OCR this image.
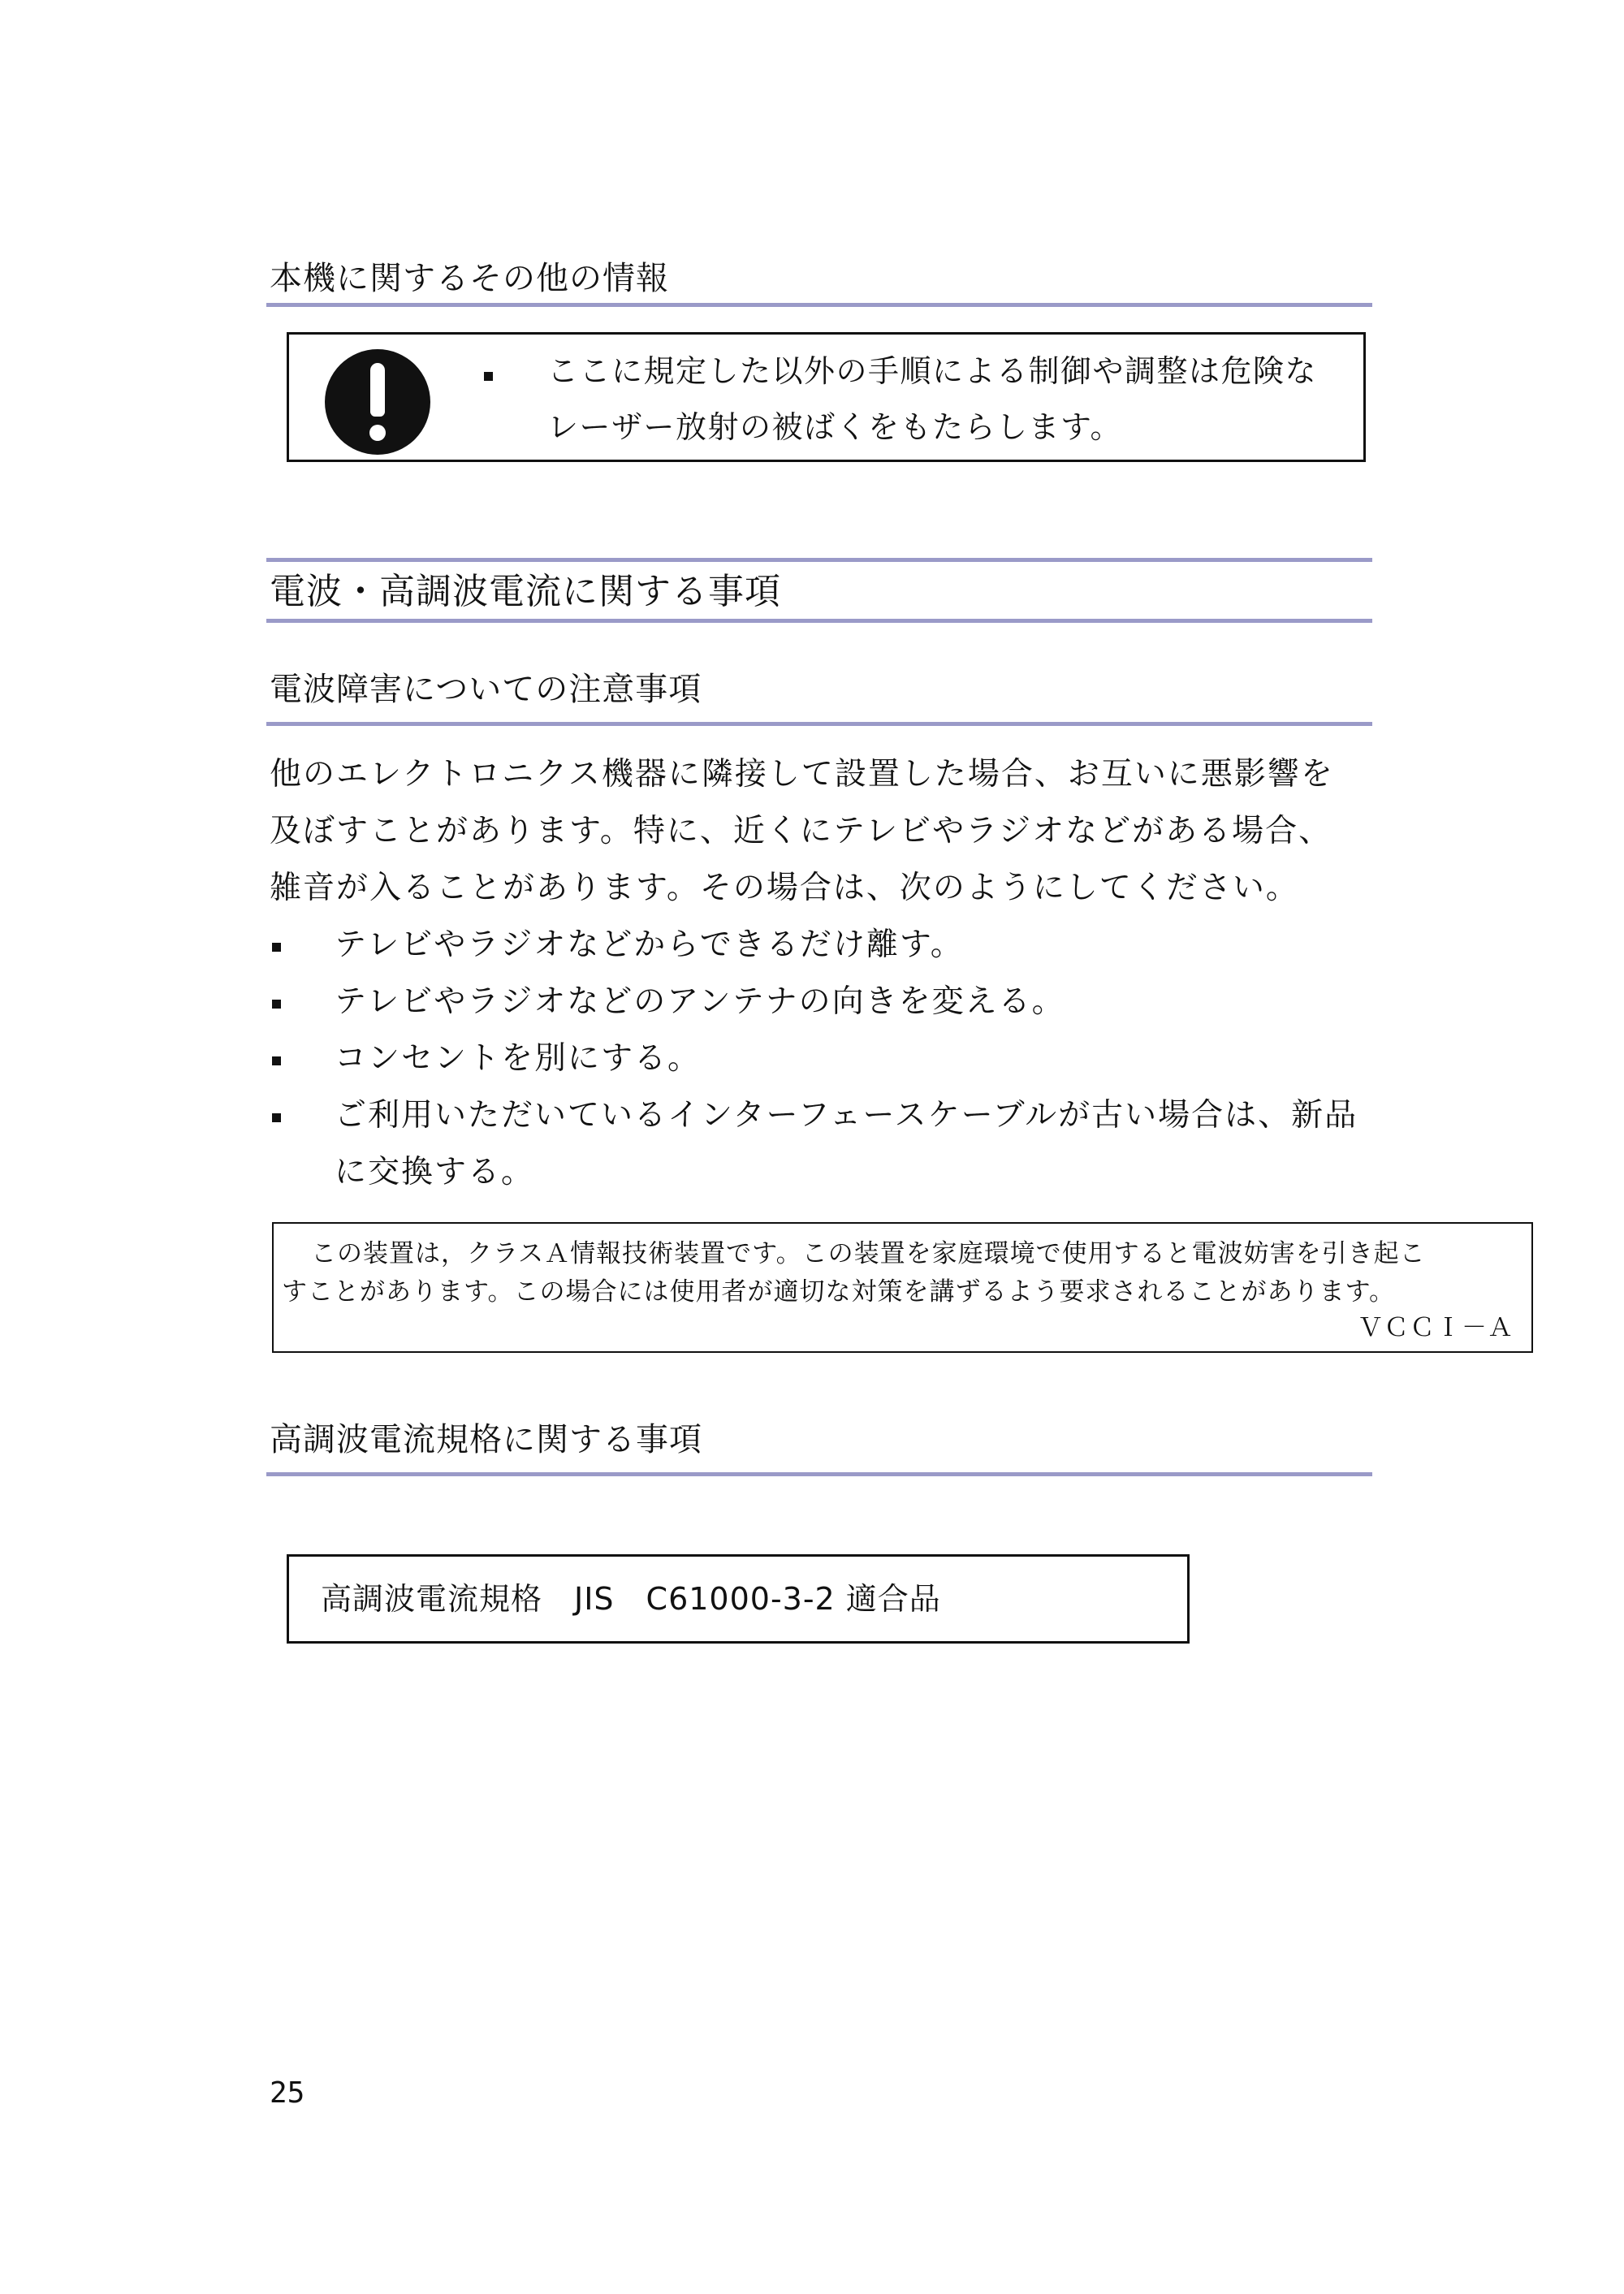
本機に関するその他の情報
ここに規定した以外の手順による制御や調整は危険な
レーザー放射の被ばくをもたらします。
電波・高調波電流に関する事項
電波障害についての注意事項
他のエレクトロニクス機器に隣接して設置した場合、お互いに悪影響を
及ぼすことがあります。特に、近くにテレビやラジオなどがある場合、
雑音が入ることがあります。その場合は、次のようにしてください。
テレビやラジオなどからできるだけ離す。
テレビやラジオなどのアンテナの向きを変える。
コンセントを別にする。
ご利用いただいているインターフェースケーブルが古い場合は、新品
に交換する。
この装置は，クラスＡ情報技術装置です。この装置を家庭環境で使用すると電波妨害を引き起こ
すことがあります。この場合には使用者が適切な対策を講ずるよう要求されることがあります。
ＶＣＣＩ－Ａ
高調波電流規格に関する事項
高調波電流規格　JIS　C61000-3-2 適合品
25
